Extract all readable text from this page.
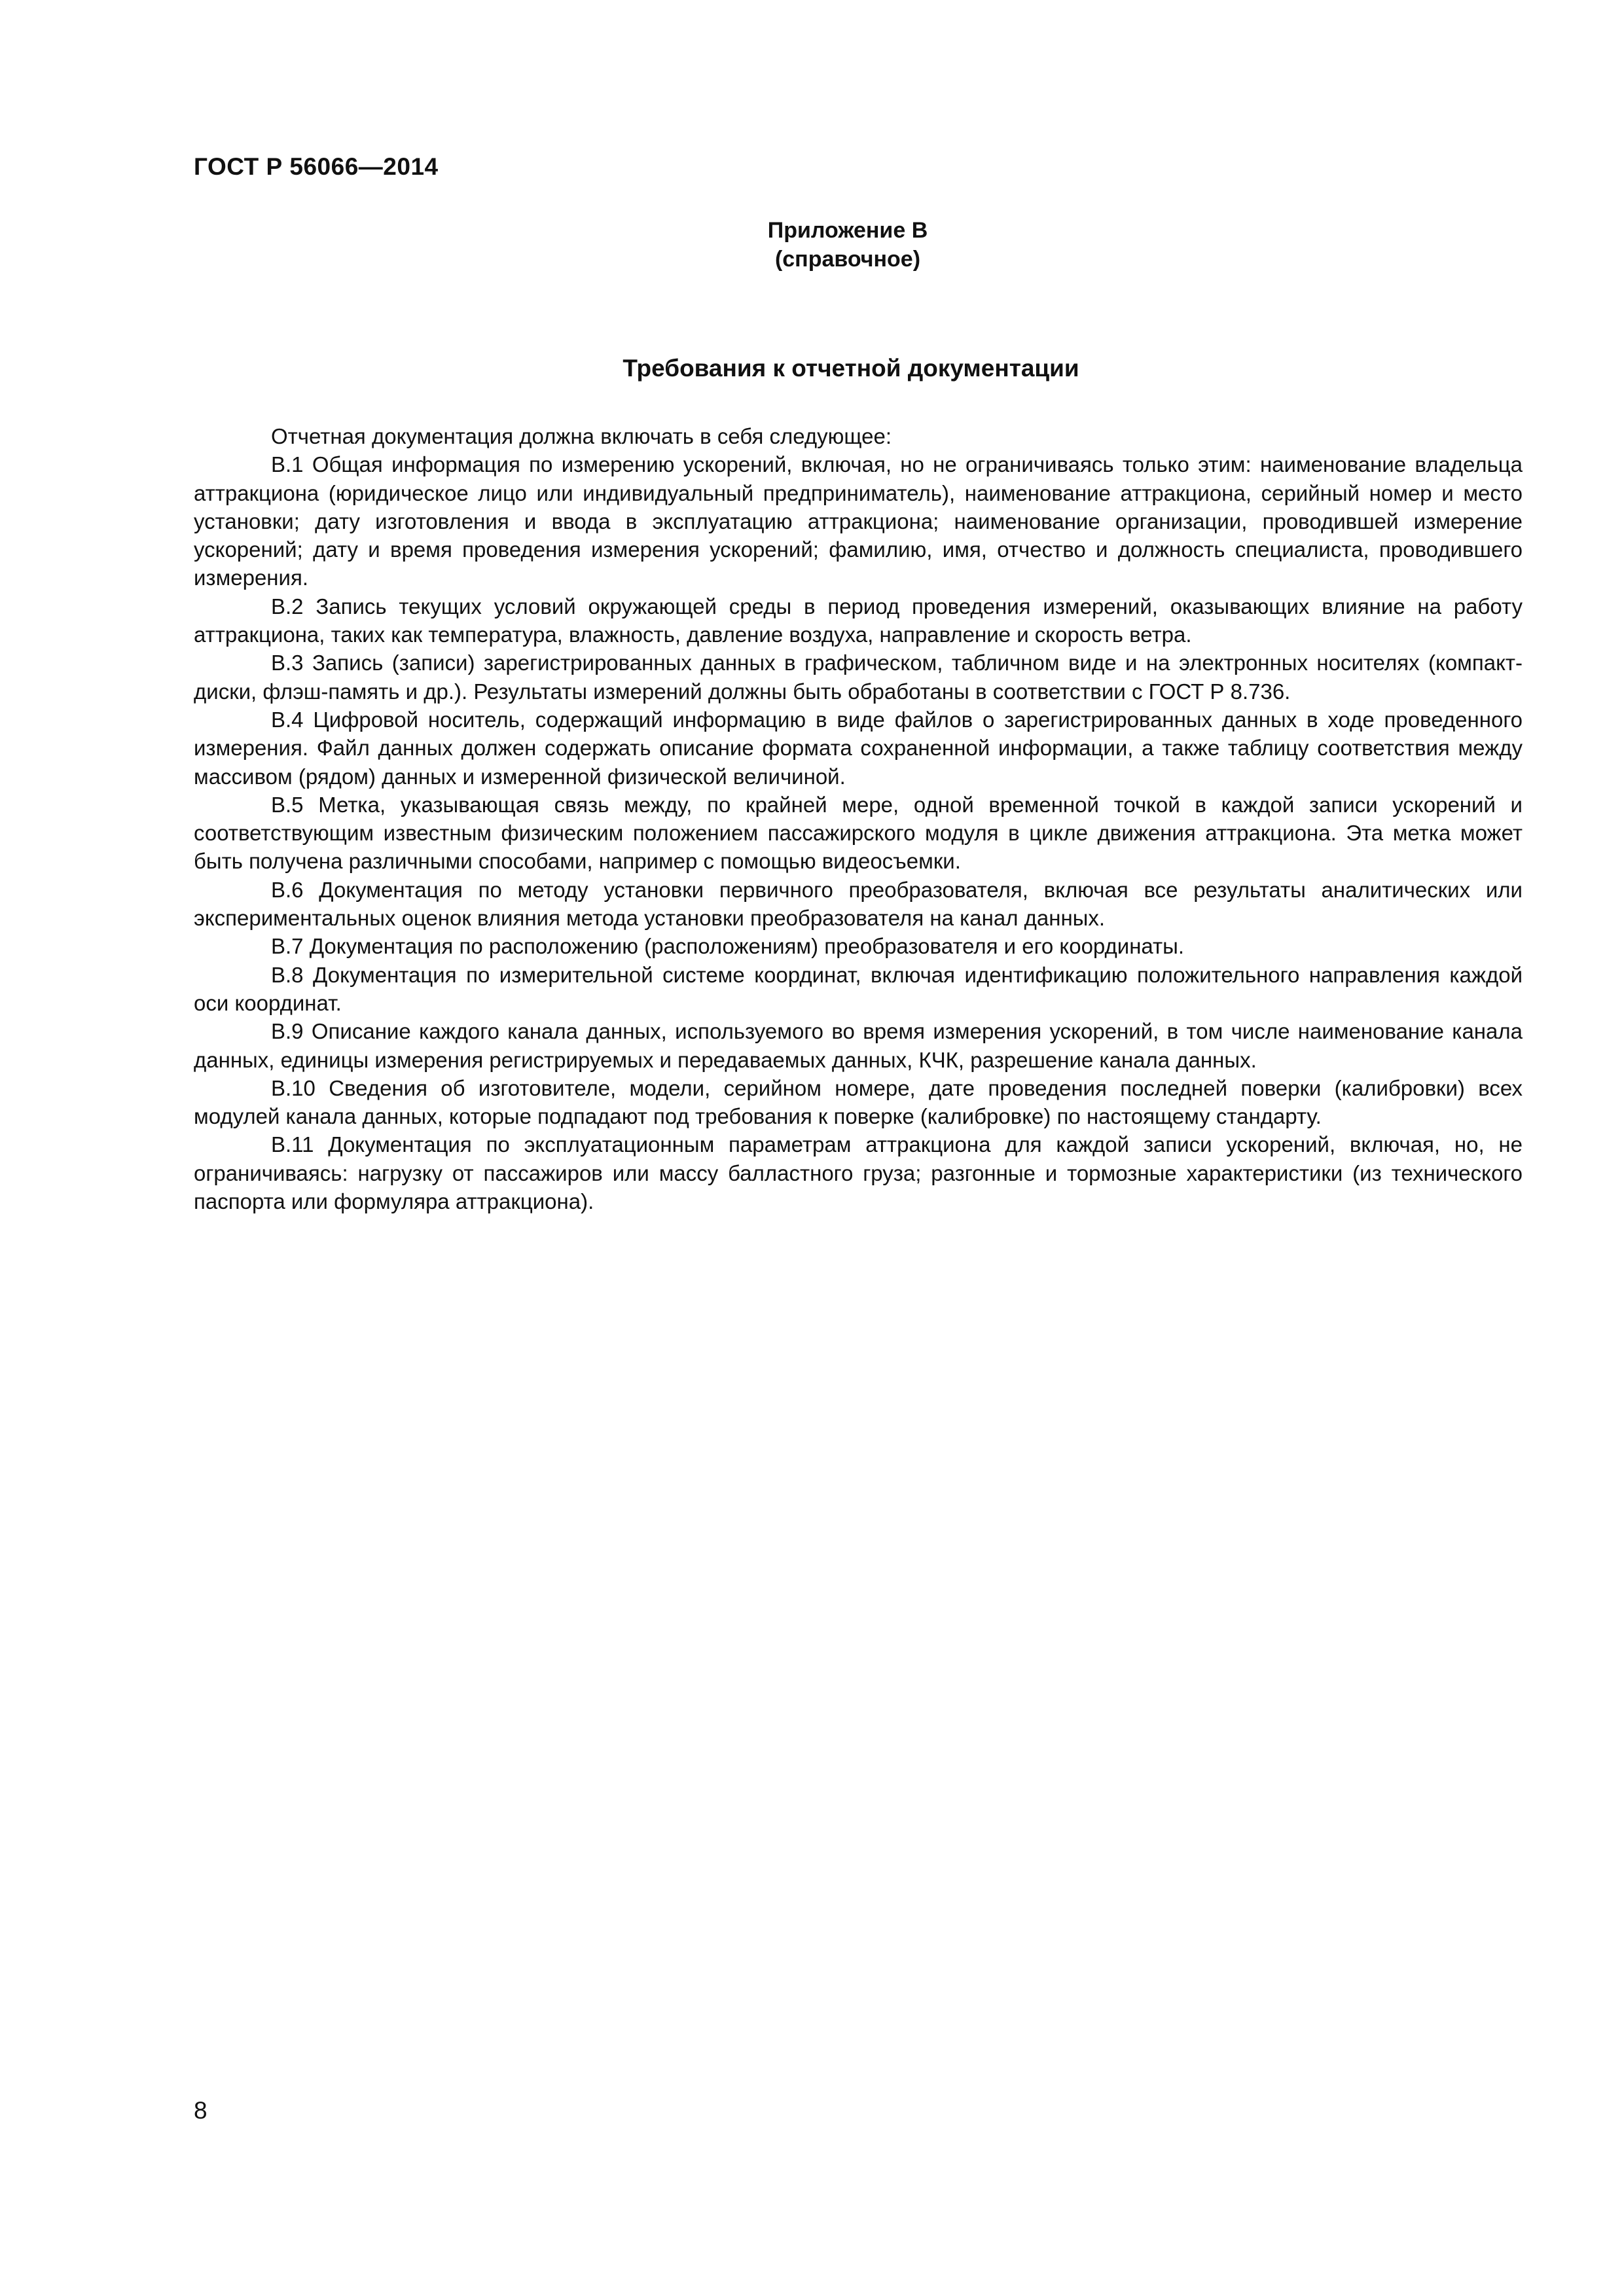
ГОСТ Р 56066—2014
Приложение В
(справочное)
Требования к отчетной документации

Отчетная документация должна включать в себя следующее:

В.1 Общая информация по измерению ускорений, включая, но не ограничиваясь только этим: наименование владельца аттракциона (юридическое лицо или индивидуальный предприниматель), наименование аттракциона, серийный номер и место установки; дату изготовления и ввода в эксплуатацию аттракциона; наименование организации, проводившей измерение ускорений; дату и время проведения измерения ускорений; фамилию, имя, отчество и должность специалиста, проводившего измерения.

В.2 Запись текущих условий окружающей среды в период проведения измерений, оказывающих влияние на работу аттракциона, таких как температура, влажность, давление воздуха, направление и скорость ветра.

В.3 Запись (записи) зарегистрированных данных в графическом, табличном виде и на электронных носителях (компакт-диски, флэш-память и др.). Результаты измерений должны быть обработаны в соответствии с ГОСТ Р 8.736.

В.4 Цифровой носитель, содержащий информацию в виде файлов о зарегистрированных данных в ходе проведенного измерения. Файл данных должен содержать описание формата сохраненной информации, а также таблицу соответствия между массивом (рядом) данных и измеренной физической величиной.

В.5 Метка, указывающая связь между, по крайней мере, одной временной точкой в каждой записи ускорений и соответствующим известным физическим положением пассажирского модуля в цикле движения аттракциона. Эта метка может быть получена различными способами, например с помощью видеосъемки.

В.6 Документация по методу установки первичного преобразователя, включая все результаты аналитических или экспериментальных оценок влияния метода установки преобразователя на канал данных.

В.7 Документация по расположению (расположениям) преобразователя и его координаты.

В.8 Документация по измерительной системе координат, включая идентификацию положительного направления каждой оси координат.

В.9 Описание каждого канала данных, используемого во время измерения ускорений, в том числе наименование канала данных, единицы измерения регистрируемых и передаваемых данных, КЧК, разрешение канала данных.

В.10 Сведения об изготовителе, модели, серийном номере, дате проведения последней поверки (калибровки) всех модулей канала данных, которые подпадают под требования к поверке (калибровке) по настоящему стандарту.

В.11 Документация по эксплуатационным параметрам аттракциона для каждой записи ускорений, включая, но, не ограничиваясь: нагрузку от пассажиров или массу балластного груза; разгонные и тормозные характеристики (из технического паспорта или формуляра аттракциона).

8
